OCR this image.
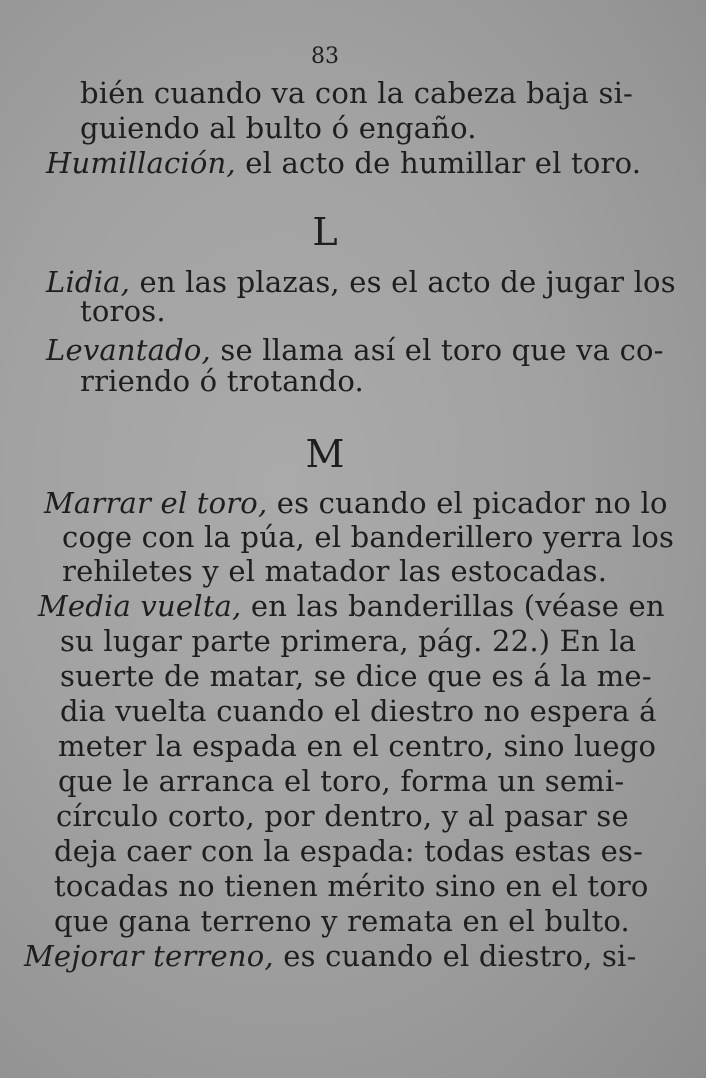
83
bién cuando va con la cabeza baja si-
guiendo al bulto ó engaño.
Humillación, el acto de humillar el toro.
L
Lidia, en las plazas, es el acto de jugar los
toros.
Levantado, se llama así el toro que va co-
rriendo ó trotando.
M
Marrar el toro, es cuando el picador no lo
coge con la púa, el banderillero yerra los
rehiletes y el matador las estocadas.
Media vuelta, en las banderillas (véase en
su lugar parte primera, pág. 22.) En la
suerte de matar, se dice que es á la me-
dia vuelta cuando el diestro no espera á
meter la espada en el centro, sino luego
que le arranca el toro, forma un semi-
círculo corto, por dentro, y al pasar se
deja caer con la espada: todas estas es-
tocadas no tienen mérito sino en el toro
que gana terreno y remata en el bulto.
Mejorar terreno, es cuando el diestro, si-
